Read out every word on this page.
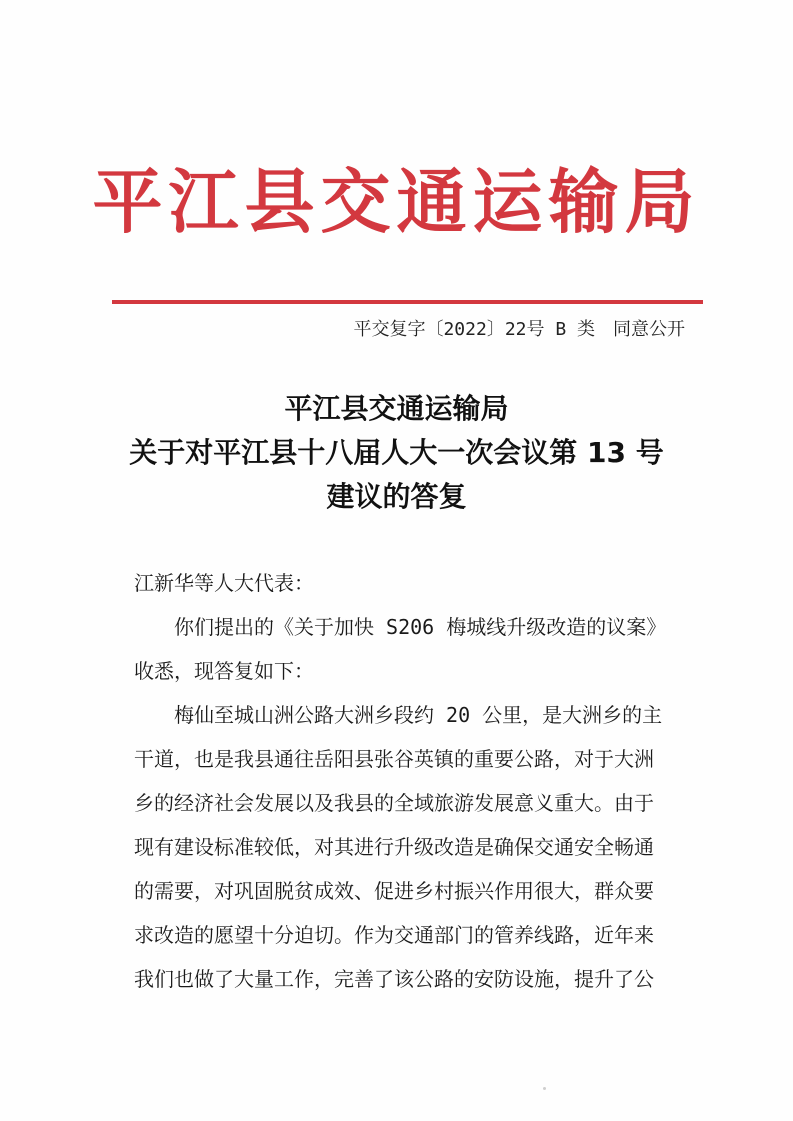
平江县交通运输局
平交复字〔2022〕22号 B 类　同意公开
平江县交通运输局
关于对平江县十八届人大一次会议第 13 号
建议的答复
江新华等人大代表：
你们提出的《关于加快 S206 梅城线升级改造的议案》
收悉，现答复如下：
梅仙至城山洲公路大洲乡段约 20 公里，是大洲乡的主
干道，也是我县通往岳阳县张谷英镇的重要公路，对于大洲
乡的经济社会发展以及我县的全域旅游发展意义重大。由于
现有建设标准较低，对其进行升级改造是确保交通安全畅通
的需要，对巩固脱贫成效、促进乡村振兴作用很大，群众要
求改造的愿望十分迫切。作为交通部门的管养线路，近年来
我们也做了大量工作，完善了该公路的安防设施，提升了公
